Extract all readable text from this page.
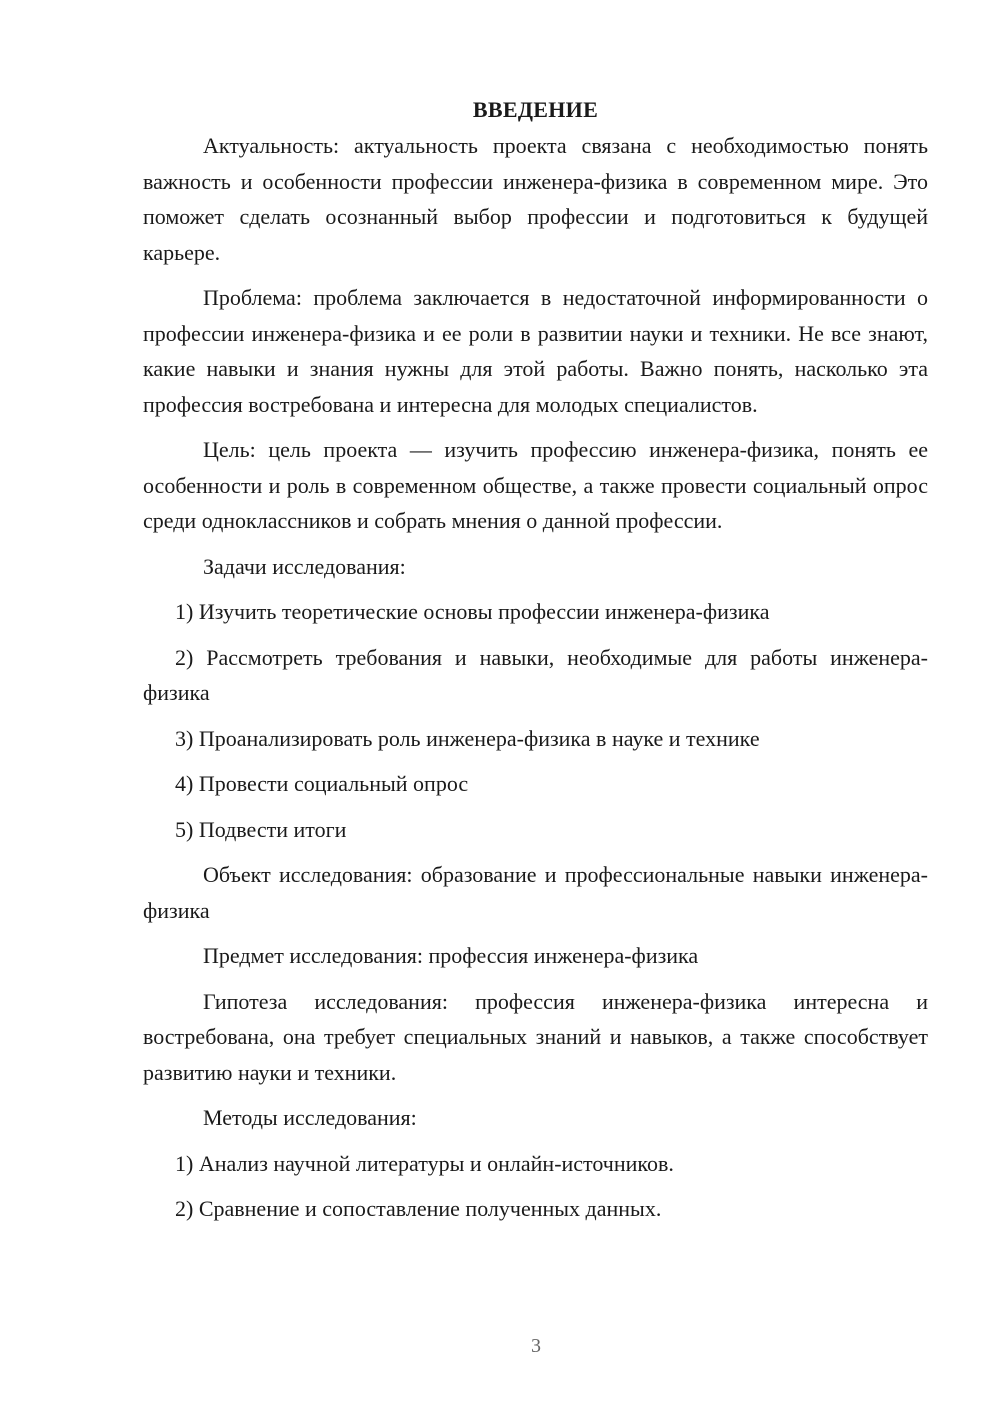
ВВЕДЕНИЕ
Актуальность: актуальность проекта связана с необходимостью понять важность и особенности профессии инженера-физика в современном мире. Это поможет сделать осознанный выбор профессии и подготовиться к будущей карьере.
Проблема: проблема заключается в недостаточной информированности о профессии инженера-физика и ее роли в развитии науки и техники. Не все знают, какие навыки и знания нужны для этой работы. Важно понять, насколько эта профессия востребована и интересна для молодых специалистов.
Цель: цель проекта — изучить профессию инженера-физика, понять ее особенности и роль в современном обществе, а также провести социальный опрос среди одноклассников и собрать мнения о данной профессии.
Задачи исследования:
1) Изучить теоретические основы профессии инженера-физика
2) Рассмотреть требования и навыки, необходимые для работы инженера-физика
3) Проанализировать роль инженера-физика в науке и технике
4) Провести социальный опрос
5) Подвести итоги
Объект исследования: образование и профессиональные навыки инженера-физика
Предмет исследования: профессия инженера-физика
Гипотеза исследования: профессия инженера-физика интересна и востребована, она требует специальных знаний и навыков, а также способствует развитию науки и техники.
Методы исследования:
1) Анализ научной литературы и онлайн-источников.
2) Сравнение и сопоставление полученных данных.
3
